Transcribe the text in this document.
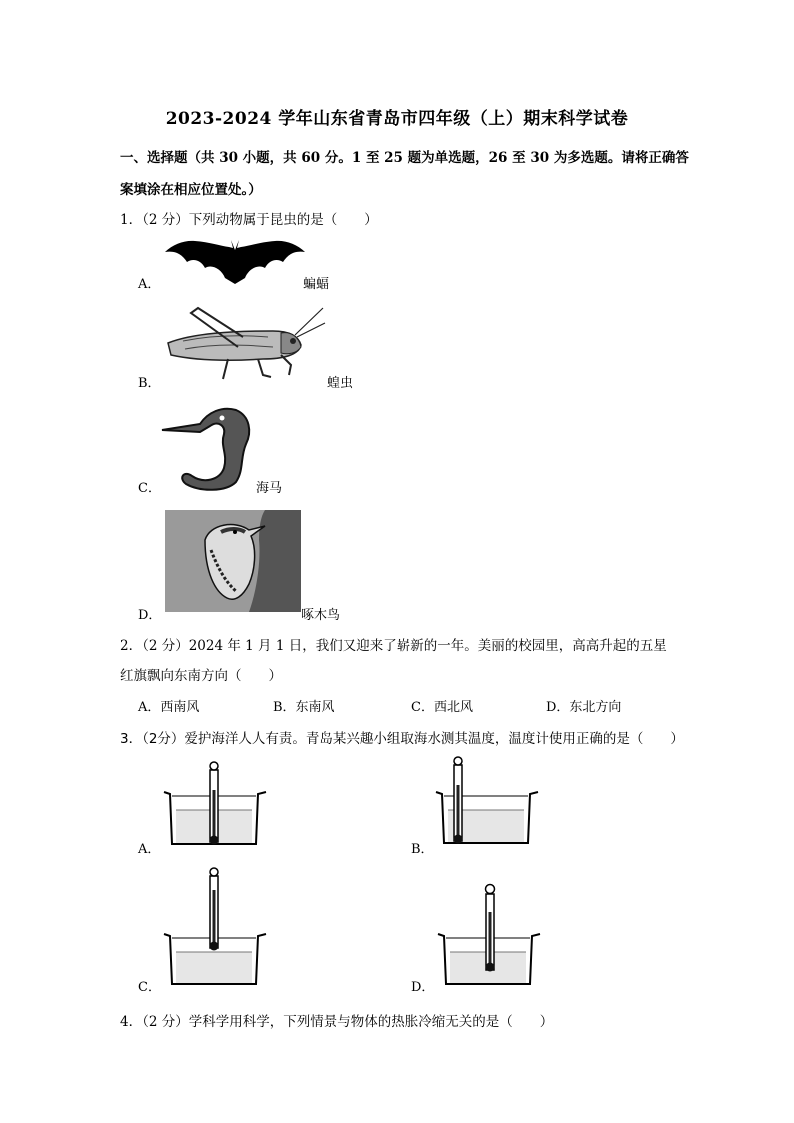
2023-2024 学年山东省青岛市四年级（上）期末科学试卷
一、选择题（共 30 小题，共 60 分。1 至 25 题为单选题，26 至 30 为多选题。请将正确答
案填涂在相应位置处。）
1．（2 分）下列动物属于昆虫的是（　　）
A．	蝙蝠
B．	蝗虫
C．	海马
D．	啄木鸟
2．（2 分）2024 年 1 月 1 日，我们又迎来了崭新的一年。美丽的校园里，高高升起的五星
红旗飘向东南方向（　　）
A．西南风	B．东南风	C．西北风	D．东北方向
3．（2分）爱护海洋人人有责。青岛某兴趣小组取海水测其温度，温度计使用正确的是（　　）
A．	B．
C．	D．
4．（2 分）学科学用科学，下列情景与物体的热胀冷缩无关的是（　　）
